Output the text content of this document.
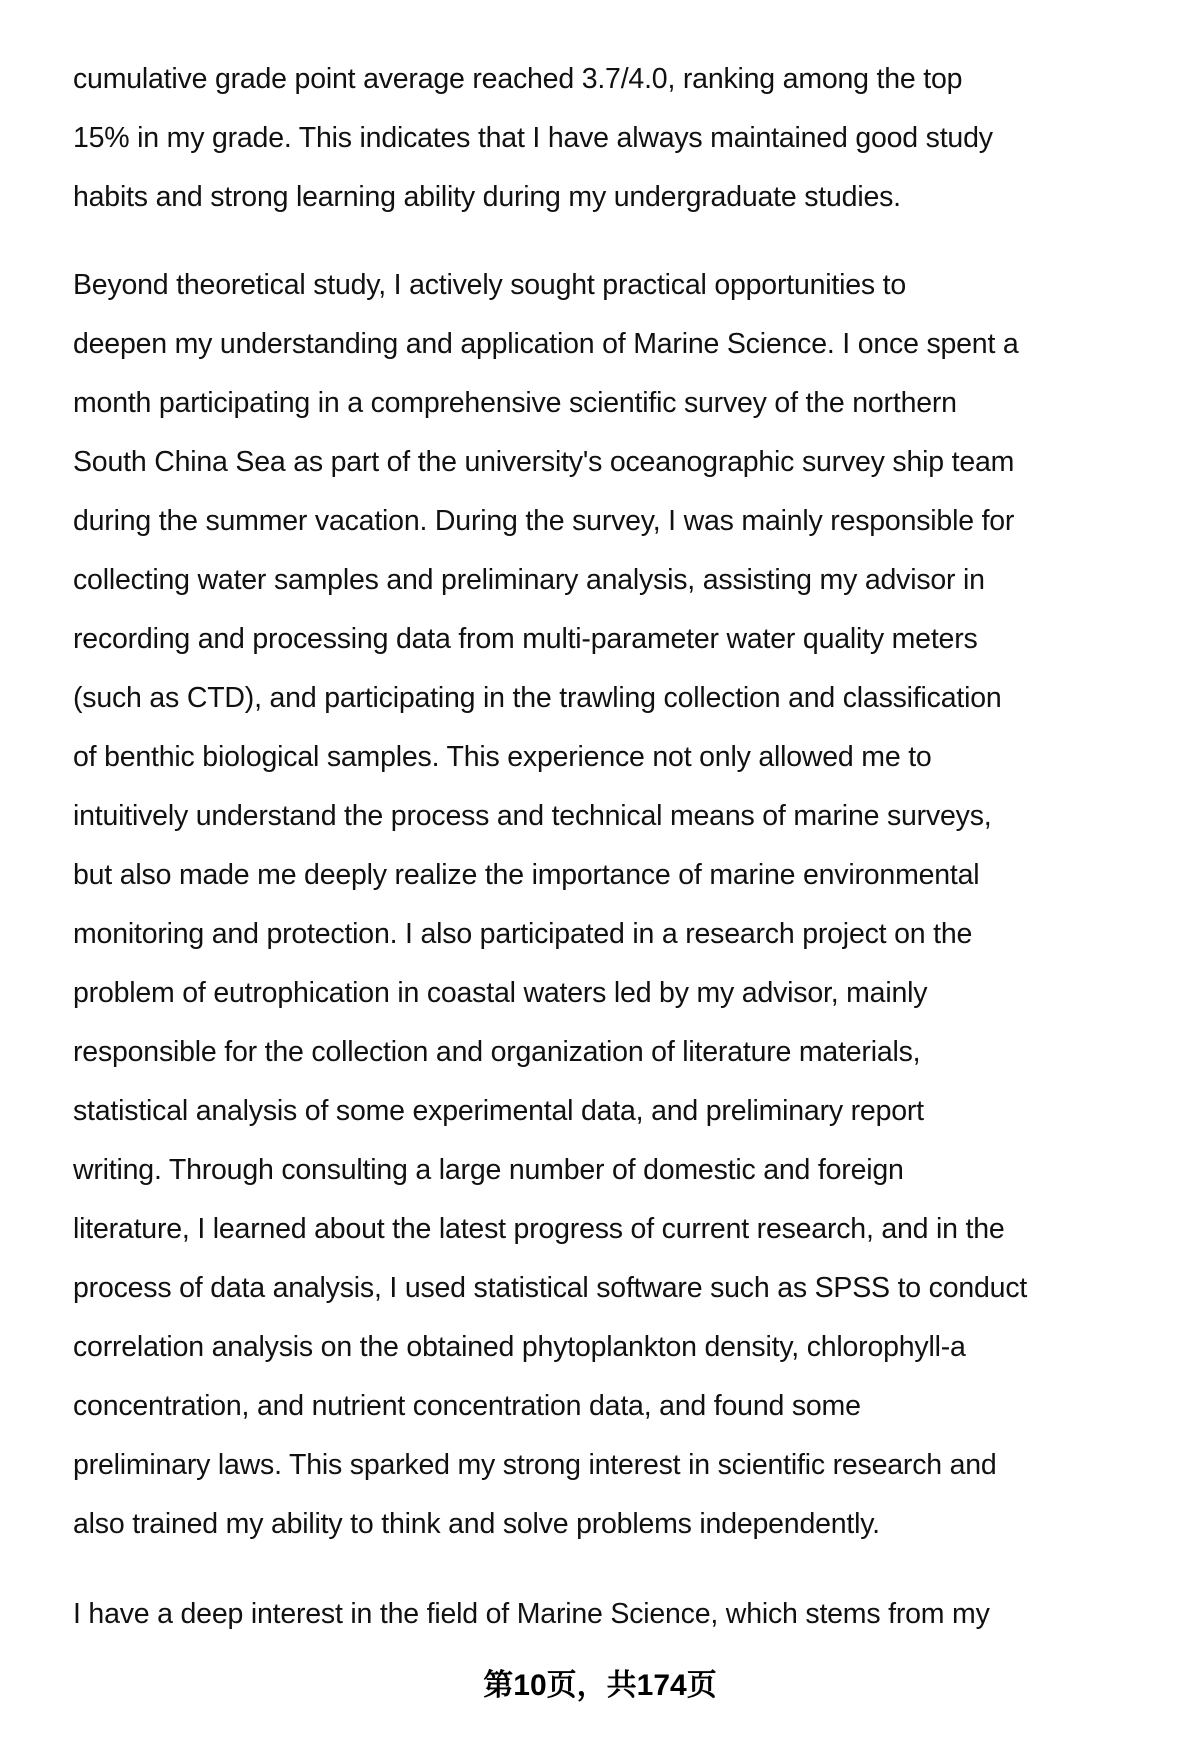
cumulative grade point average reached 3.7/4.0, ranking among the top
15% in my grade. This indicates that I have always maintained good study
habits and strong learning ability during my undergraduate studies.
Beyond theoretical study, I actively sought practical opportunities to
deepen my understanding and application of Marine Science. I once spent a
month participating in a comprehensive scientific survey of the northern
South China Sea as part of the university's oceanographic survey ship team
during the summer vacation. During the survey, I was mainly responsible for
collecting water samples and preliminary analysis, assisting my advisor in
recording and processing data from multi-parameter water quality meters
(such as CTD), and participating in the trawling collection and classification
of benthic biological samples. This experience not only allowed me to
intuitively understand the process and technical means of marine surveys,
but also made me deeply realize the importance of marine environmental
monitoring and protection. I also participated in a research project on the
problem of eutrophication in coastal waters led by my advisor, mainly
responsible for the collection and organization of literature materials,
statistical analysis of some experimental data, and preliminary report
writing. Through consulting a large number of domestic and foreign
literature, I learned about the latest progress of current research, and in the
process of data analysis, I used statistical software such as SPSS to conduct
correlation analysis on the obtained phytoplankton density, chlorophyll-a
concentration, and nutrient concentration data, and found some
preliminary laws. This sparked my strong interest in scientific research and
also trained my ability to think and solve problems independently.
I have a deep interest in the field of Marine Science, which stems from my
第10页，共174页
